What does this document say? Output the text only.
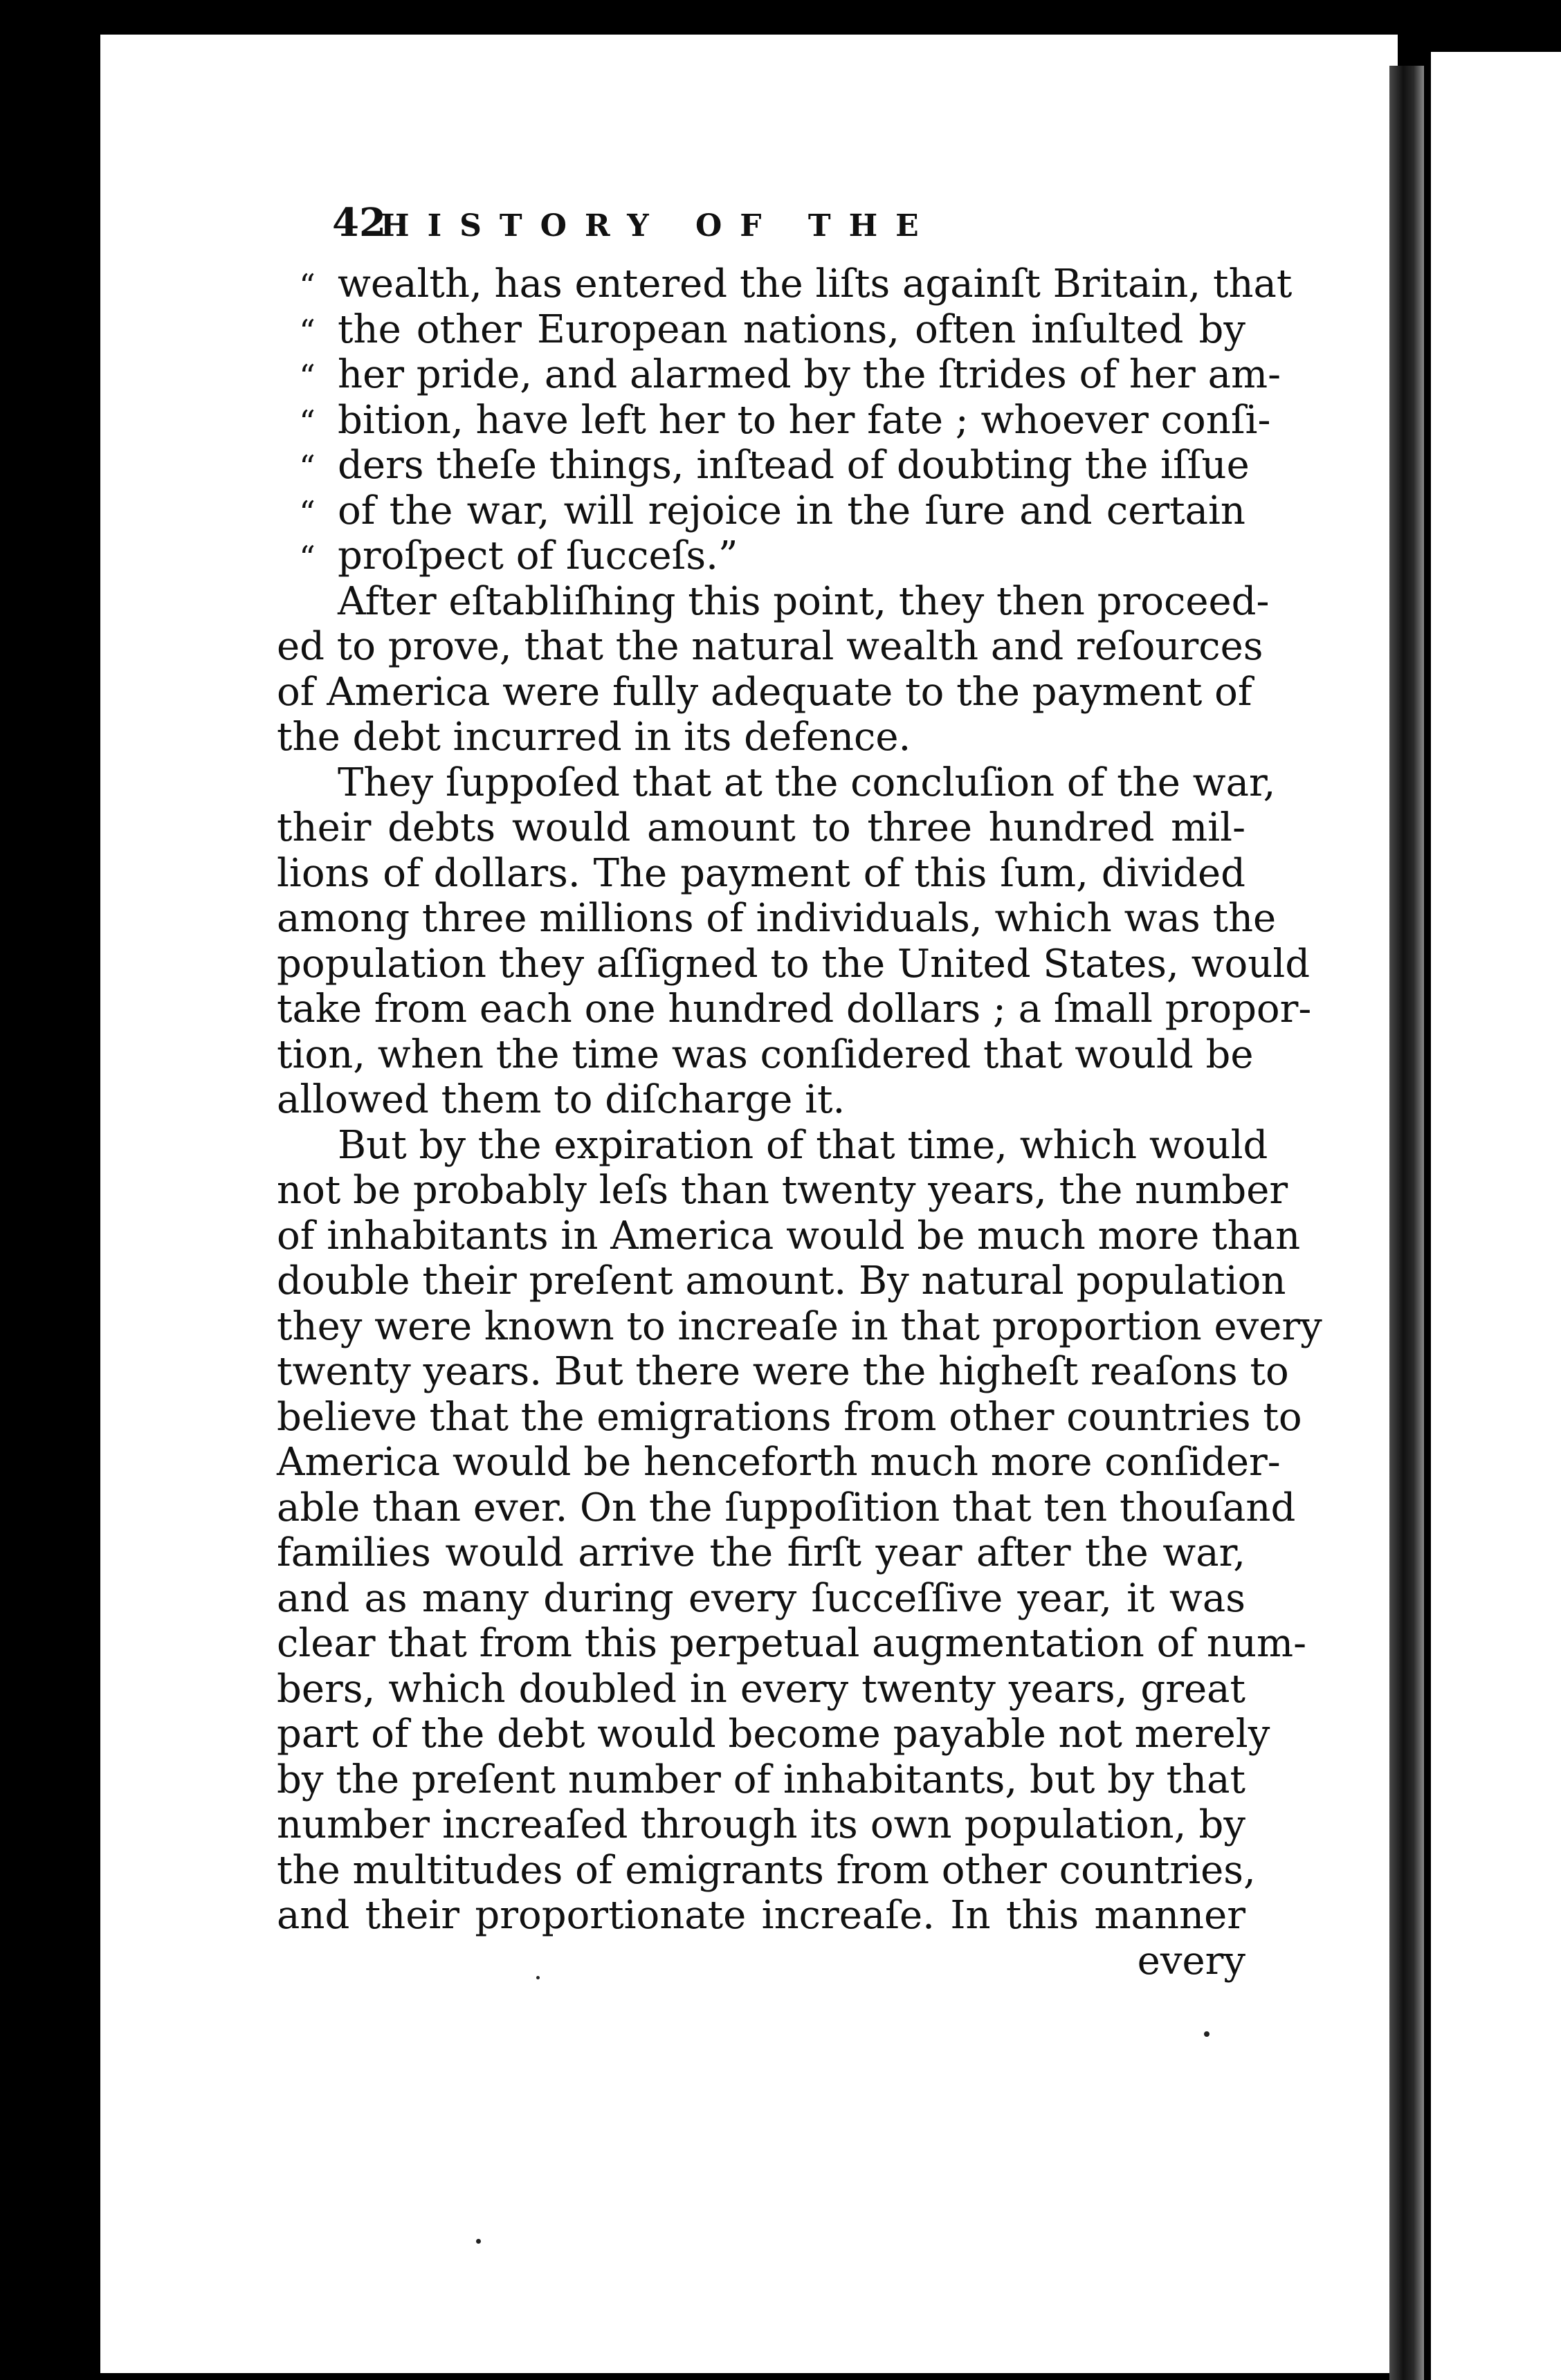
42
HISTORY OF THE
“ wealth, has entered the liſts againſt Britain, that
“ the other European nations, often inſulted by
“ her pride, and alarmed by the ſtrides of her am-
“ bition, have left her to her fate ; whoever conſi-
“ ders theſe things, inſtead of doubting the iſſue
“ of the war, will rejoice in the ſure and certain
“ proſpect of ſucceſs.”
After eſtabliſhing this point, they then proceed-
ed to prove, that the natural wealth and reſources
of America were fully adequate to the payment of
the debt incurred in its defence.
They ſuppoſed that at the concluſion of the war,
their debts would amount to three hundred mil-
lions of dollars. The payment of this ſum, divided
among three millions of individuals, which was the
population they aſſigned to the United States, would
take from each one hundred dollars ; a ſmall propor-
tion, when the time was conſidered that would be
allowed them to diſcharge it.
But by the expiration of that time, which would
not be probably leſs than twenty years, the number
of inhabitants in America would be much more than
double their preſent amount. By natural population
they were known to increaſe in that proportion every
twenty years. But there were the higheſt reaſons to
believe that the emigrations from other countries to
America would be henceforth much more conſider-
able than ever. On the ſuppoſition that ten thouſand
families would arrive the firſt year after the war,
and as many during every ſucceſſive year, it was
clear that from this perpetual augmentation of num-
bers, which doubled in every twenty years, great
part of the debt would become payable not merely
by the preſent number of inhabitants, but by that
number increaſed through its own population, by
the multitudes of emigrants from other countries,
and their proportionate increaſe. In this manner
every
